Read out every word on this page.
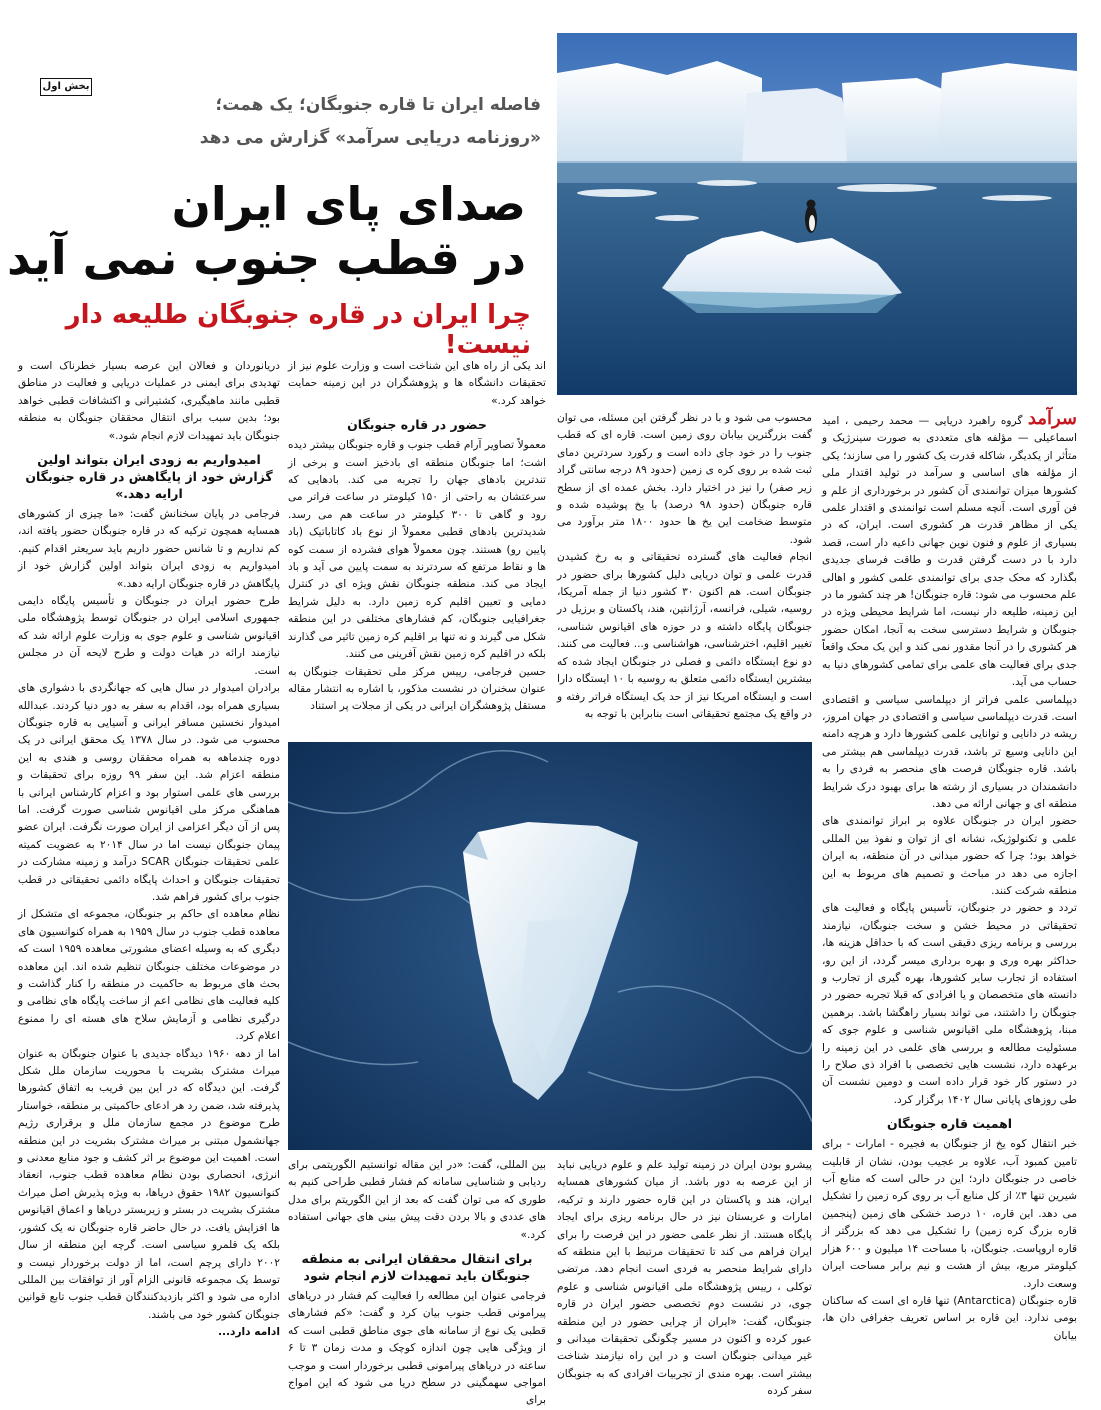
بخش اول
فاصله ایران تا قاره جنوبگان؛ یک همت؛
«روزنامه دریایی سرآمد» گزارش می دهد
صدای پای ایران
در قطب جنوب نمی آید
چرا ایران در قاره جنوبگان طلیعه دار نیست!

سرآمد گروه راهبرد دریایی — محمد رحیمی ، امید اسماعیلی — مؤلفه های متعددی به صورت سینرژیک و متأثر از یکدیگر، شاکله قدرت یک کشور را می سازند؛ یکی از مؤلفه های اساسی و سرآمد در تولید اقتدار ملی کشورها میزان توانمندی آن کشور در برخورداری از علم و فن آوری است. آنچه مسلم است توانمندی و اقتدار علمی یکی از مظاهر قدرت هر کشوری است. ایران، که در بسیاری از علوم و فنون نوین جهانی داعیه دار است، قصد دارد با در دست گرفتن قدرت و طاقت فرسای جدیدی بگذارد که محک جدی برای توانمندی علمی کشور و اهالی علم محسوب می شود: قاره جنوبگان! هر چند کشور ما در این زمینه، طلیعه دار نیست، اما شرایط محیطی ویژه در جنوبگان و شرایط دسترسی سخت به آنجا، امکان حضور هر کشوری را در آنجا مقدور نمی کند و این یک محک واقعاً جدی برای فعالیت های علمی برای تمامی کشورهای دنیا به حساب می آید.

دیپلماسی علمی فراتر از دیپلماسی سیاسی و اقتصادی است. قدرت دیپلماسی سیاسی و اقتصادی در جهان امروز، ریشه در دانایی و توانایی علمی کشورها دارد و هرچه دامنه این دانایی وسیع تر باشد، قدرت دیپلماسی هم بیشتر می باشد. قاره جنوبگان فرصت های منحصر به فردی را به دانشمندان در بسیاری از رشته ها برای بهبود درک شرایط منطقه ای و جهانی ارائه می دهد.

حضور ایران در جنوبگان علاوه بر ابراز توانمندی های علمی و تکنولوژیک، نشانه ای از توان و نفوذ بین المللی خواهد بود؛ چرا که حضور میدانی در آن منطقه، به ایران اجازه می دهد در مباحث و تصمیم های مربوط به این منطقه شرکت کنند.

تردد و حضور در جنوبگان، تأسیس پایگاه و فعالیت های تحقیقاتی در محیط خشن و سخت جنوبگان، نیازمند بررسی و برنامه ریزی دقیقی است که با حداقل هزینه ها، حداکثر بهره وری و بهره برداری میسر گردد، از این رو، استفاده از تجارب سایر کشورها، بهره گیری از تجارب و دانسته های متخصصان و یا افرادی که قبلا تجربه حضور در جنوبگان را داشتند، می تواند بسیار راهگشا باشد. برهمین مبنا، پژوهشگاه ملی اقیانوس شناسی و علوم جوی که مسئولیت مطالعه و بررسی های علمی در این زمینه را برعهده دارد، نشست هایی تخصصی با افراد ذی صلاح را در دستور کار خود قرار داده است و دومین نشست آن طی روزهای پایانی سال ۱۴۰۲ برگزار کرد.

اهمیت قاره جنوبگان

خبر انتقال کوه یخ از جنوبگان به فجیره - امارات - برای تامین کمبود آب، علاوه بر عجیب بودن، نشان از قابلیت خاصی در جنوبگان دارد؛ این در حالی است که منابع آب شیرین تنها ۳٪ از کل منابع آب بر روی کره زمین را تشکیل می دهد. این قاره، ۱۰ درصد خشکی های زمین (پنجمین قاره بزرگ کره زمین) را تشکیل می دهد که بزرگتر از قاره اروپاست. جنوبگان، با مساحت ۱۴ میلیون و ۶۰۰ هزار کیلومتر مربع، بیش از هشت و نیم برابر مساحت ایران وسعت دارد.

قاره جنوبگان (Antarctica) تنها قاره ای است که ساکنان بومی ندارد. این قاره بر اساس تعریف جغرافی دان ها، بیابان

محسوب می شود و با در نظر گرفتن این مسئله، می توان گفت بزرگترین بیابان روی زمین است. قاره ای که قطب جنوب را در خود جای داده است و رکورد سردترین دمای ثبت شده بر روی کره ی زمین (حدود ۸۹ درجه سانتی گراد زیر صفر) را نیز در اختیار دارد. بخش عمده ای از سطح قاره جنوبگان (حدود ۹۸ درصد) با یخ پوشیده شده و متوسط ضخامت این یخ ها حدود ۱۸۰۰ متر برآورد می شود.

انجام فعالیت های گسترده تحقیقاتی و به رخ کشیدن قدرت علمی و توان دریایی دلیل کشورها برای حضور در جنوبگان است. هم اکنون ۳۰ کشور دنیا از جمله آمریکا، روسیه، شیلی، فرانسه، آرژانتین، هند، پاکستان و برزیل در جنوبگان پایگاه داشته و در حوزه های اقیانوس شناسی، تغییر اقلیم، اخترشناسی، هواشناسی و... فعالیت می کنند. دو نوع ایستگاه دائمی و فصلی در جنوبگان ایجاد شده که بیشترین ایستگاه دائمی متعلق به روسیه با ۱۰ ایستگاه دارا است و ایستگاه امریکا نیز از حد یک ایستگاه فراتر رفته و در واقع یک مجتمع تحقیقاتی است بنابراین با توجه به

پیشرو بودن ایران در زمینه تولید علم و علوم دریایی نباید از این عرصه به دور باشد. از میان کشورهای همسایه ایران، هند و پاکستان در این قاره حضور دارند و ترکیه، امارات و عربستان نیز در حال برنامه ریزی برای ایجاد پایگاه هستند. از نظر علمی حضور در این فرصت را برای ایران فراهم می کند تا تحقیقات مرتبط با این منطقه که دارای شرایط منحصر به فردی است انجام دهد. مرتضی توکلی ، رییس پژوهشگاه ملی اقیانوس شناسی و علوم جوی، در نشست دوم تخصصی حضور ایران در قاره جنوبگان، گفت: «ایران از چرایی حضور در این منطقه عبور کرده و اکنون در مسیر چگونگی تحقیقات میدانی و غیر میدانی جنوبگان است و در این راه نیازمند شناخت بیشتر است. بهره مندی از تجربیات افرادی که به جنوبگان سفر کرده

اند یکی از راه های این شناخت است و وزارت علوم نیز از تحقیقات دانشگاه ها و پژوهشگران در این زمینه حمایت خواهد کرد.»

حضور در قاره جنوبگان

معمولاً تصاویر آرام قطب جنوب و قاره جنوبگان بیشتر دیده اشت؛ اما جنوبگان منطقه ای بادخیز است و برخی از تندترین بادهای جهان را تجربه می کند. بادهایی که سرعتشان به راحتی از ۱۵۰ کیلومتر در ساعت فراتر می رود و گاهی تا ۳۰۰ کیلومتر در ساعت هم می رسد. شدیدترین بادهای قطبی معمولاً از نوع باد کاتاباتیک (باد پایین رو) هستند. چون معمولاً هوای فشرده از سمت کوه ها و نقاط مرتفع که سردترند به سمت پایین می آید و باد ایجاد می کند. منطقه جنوبگان نقش ویژه ای در کنترل دمایی و تعیین اقلیم کره زمین دارد. به دلیل شرایط جغرافیایی جنوبگان، کم فشارهای مختلفی در این منطقه شکل می گیرند و نه تنها بر اقلیم کره زمین تاثیر می گذارند بلکه در اقلیم کره زمین نقش آفرینی می کنند.

حسین فرجامی، رییس مرکز ملی تحقیقات جنوبگان به عنوان سخنران در نشست مذکور، با اشاره به انتشار مقاله مستقل پژوهشگران ایرانی در یکی از مجلات پر استناد

بین المللی، گفت: «در این مقاله توانستیم الگوریتمی برای ردیابی و شناسایی سامانه کم فشار قطبی طراحی کنیم به طوری که می توان گفت که بعد از این الگوریتم برای مدل های عددی و بالا بردن دقت پیش بینی های جهانی استفاده کرد.»

برای انتقال محققان ایرانی به منطقه جنوبگان باید تمهیدات لازم انجام شود

فرجامی عنوان این مطالعه را فعالیت کم فشار در دریاهای پیرامونی قطب جنوب بیان کرد و گفت: «کم فشارهای قطبی یک نوع از سامانه های جوی مناطق قطبی است که از ویژگی هایی چون اندازه کوچک و مدت زمان ۳ تا ۶ ساعته در دریاهای پیرامونی قطبی برخوردار است و موجب امواجی سهمگینی در سطح دریا می شود که این امواج برای

دریانوردان و فعالان این عرصه بسیار خطرناک است و تهدیدی برای ایمنی در عملیات دریایی و فعالیت در مناطق قطبی مانند ماهیگیری، کشتیرانی و اکتشافات قطبی خواهد بود؛ بدین سبب برای انتقال محققان جنوبگان به منطقه جنوبگان باید تمهیدات لازم انجام شود.»

امیدواریم به زودی ایران بتواند اولین گزارش خود از پایگاهش در قاره جنوبگان ارایه دهد.»

فرجامی در پایان سخنانش گفت: «ما چیزی از کشورهای همسایه همچون ترکیه که در قاره جنوبگان حضور یافته اند، کم نداریم و تا شانس حضور داریم باید سریعتر اقدام کنیم. امیدواریم به زودی ایران بتواند اولین گزارش خود از پایگاهش در قاره جنوبگان ارایه دهد.»

طرح حضور ایران در جنوبگان و تأسیس پایگاه دایمی جمهوری اسلامی ایران در جنوبگان توسط پژوهشگاه ملی اقیانوس شناسی و علوم جوی به وزارت علوم ارائه شد که نیازمند ارائه در هیات دولت و طرح لایحه آن در مجلس است.

برادران امیدوار در سال هایی که جهانگردی با دشواری های بسیاری همراه بود، اقدام به سفر به دور دنیا کردند. عبدالله امیدوار نخستین مسافر ایرانی و آسیایی به قاره جنوبگان محسوب می شود. در سال ۱۳۷۸ یک محقق ایرانی در یک دوره چندماهه به همراه محققان روسی و هندی به این منطقه اعزام شد. این سفر ۹۹ روزه برای تحقیقات و بررسی های علمی استوار بود و اعزام کارشناس ایرانی با هماهنگی مرکز ملی اقیانوس شناسی صورت گرفت. اما پس از آن دیگر اعزامی از ایران صورت نگرفت. ایران عضو پیمان جنوبگان نیست اما در سال ۲۰۱۴ به عضویت کمیته علمی تحقیقات جنوبگان SCAR درآمد و زمینه مشارکت در تحقیقات جنوبگان و احداث پایگاه دائمی تحقیقاتی در قطب جنوب برای کشور فراهم شد.

نظام معاهده ای حاکم بر جنوبگان، مجموعه ای متشکل از معاهده قطب جنوب در سال ۱۹۵۹ به همراه کنوانسیون های دیگری که به وسیله اعضای مشورتی معاهده ۱۹۵۹ است که در موضوعات مختلف جنوبگان تنظیم شده اند. این معاهده بحث های مربوط به حاکمیت در منطقه را کنار گذاشت و کلیه فعالیت های نظامی اعم از ساخت پایگاه های نظامی و درگیری نظامی و آزمایش سلاح های هسته ای را ممنوع اعلام کرد.

اما از دهه ۱۹۶۰ دیدگاه جدیدی با عنوان جنوبگان به عنوان میراث مشترک بشریت با محوریت سازمان ملل شکل گرفت. این دیدگاه که در این بین قریب به اتفاق کشورها پذیرفته شد، ضمن رد هر ادعای حاکمیتی بر منطقه، خواستار طرح موضوع در مجمع سازمان ملل و برقراری رژیم جهانشمول مبتنی بر میراث مشترک بشریت در این منطقه است. اهمیت این موضوع بر اثر کشف و جود منابع معدنی و انرژی، انحصاری بودن نظام معاهده قطب جنوب، انعقاد کنوانسیون ۱۹۸۲ حقوق دریاها، به ویژه پذیرش اصل میراث مشترک بشریت در بستر و زیربستر دریاها و اعماق اقیانوس ها افزایش یافت. در حال حاضر قاره جنوبگان نه یک کشور، بلکه یک قلمرو سیاسی است. گرچه این منطقه از سال ۲۰۰۲ دارای پرچم است، اما از دولت برخوردار نیست و توسط یک مجموعه قانونی الزام آور از توافقات بین المللی اداره می شود و اکثر بازدیدکنندگان قطب جنوب تابع قوانین جنوبگان کشور خود می باشند.

ادامه دارد...
